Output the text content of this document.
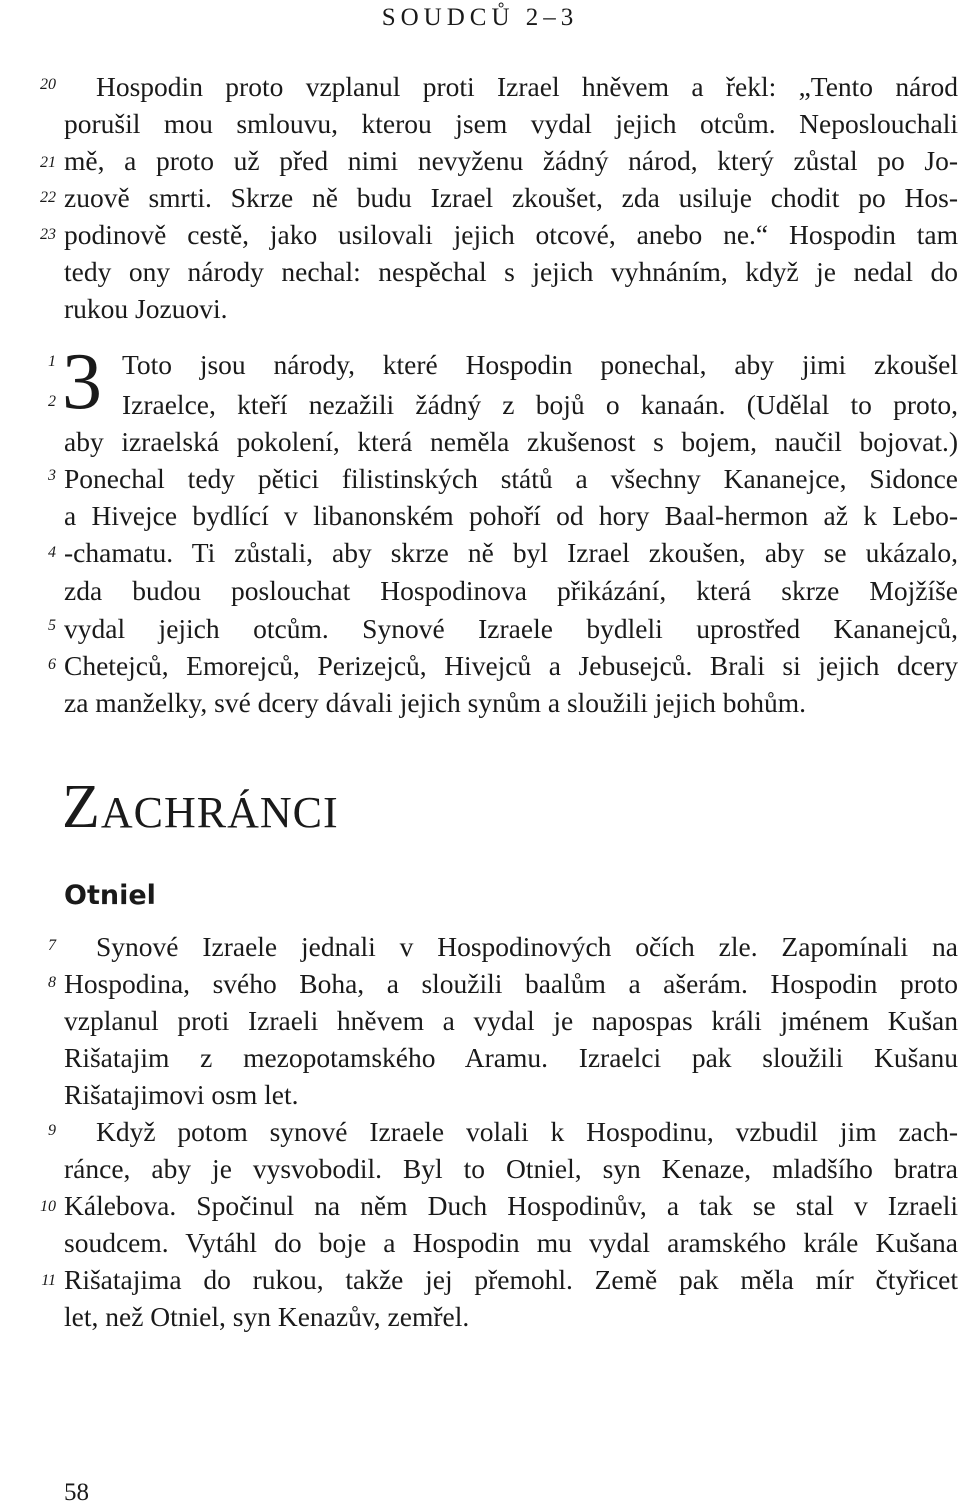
SOUDCŮ 2–3
20
21
22
23
1
2
3
4
5
6
7
8
9
10
11
Hospodin proto vzplanul proti Izrael hněvem a řekl: „Tento národ
porušil mou smlouvu, kterou jsem vydal jejich otcům. Neposlouchali
mě, a proto už před nimi nevyženu žádný národ, který zůstal po Jo-
zuově smrti. Skrze ně budu Izrael zkoušet, zda usiluje chodit po Hos-
podinově cestě, jako usilovali jejich otcové, anebo ne.“ Hospodin tam
tedy ony národy nechal: nespěchal s jejich vyhnáním, když je nedal do
rukou Jozuovi.
3 Toto jsou národy, které Hospodin ponechal, aby jimi zkoušel
Izraelce, kteří nezažili žádný z bojů o kanaán. (Udělal to proto,
aby izraelská pokolení, která neměla zkušenost s bojem, naučil bojovat.)
Ponechal tedy pětici filistinských států a všechny Kananejce, Sidonce
a Hivejce bydlící v libanonském pohoří od hory Baal-hermon až k Lebo-
-chamatu. Ti zůstali, aby skrze ně byl Izrael zkoušen, aby se ukázalo,
zda budou poslouchat Hospodinova přikázání, která skrze Mojžíše
vydal jejich otcům. Synové Izraele bydleli uprostřed Kananejců,
Chetejců, Emorejců, Perizejců, Hivejců a Jebusejců. Brali si jejich dcery
za manželky, své dcery dávali jejich synům a sloužili jejich bohům.
ZACHRÁNCI
Otniel
Synové Izraele jednali v Hospodinových očích zle. Zapomínali na
Hospodina, svého Boha, a sloužili baalům a ašerám. Hospodin proto
vzplanul proti Izraeli hněvem a vydal je napospas králi jménem Kušan
Rišatajim z mezopotamského Aramu. Izraelci pak sloužili Kušanu
Rišatajimovi osm let.
Když potom synové Izraele volali k Hospodinu, vzbudil jim zach-
ránce, aby je vysvobodil. Byl to Otniel, syn Kenaze, mladšího bratra
Kálebova. Spočinul na něm Duch Hospodinův, a tak se stal v Izraeli
soudcem. Vytáhl do boje a Hospodin mu vydal aramského krále Kušana
Rišatajima do rukou, takže jej přemohl. Země pak měla mír čtyřicet
let, než Otniel, syn Kenazův, zemřel.
58
